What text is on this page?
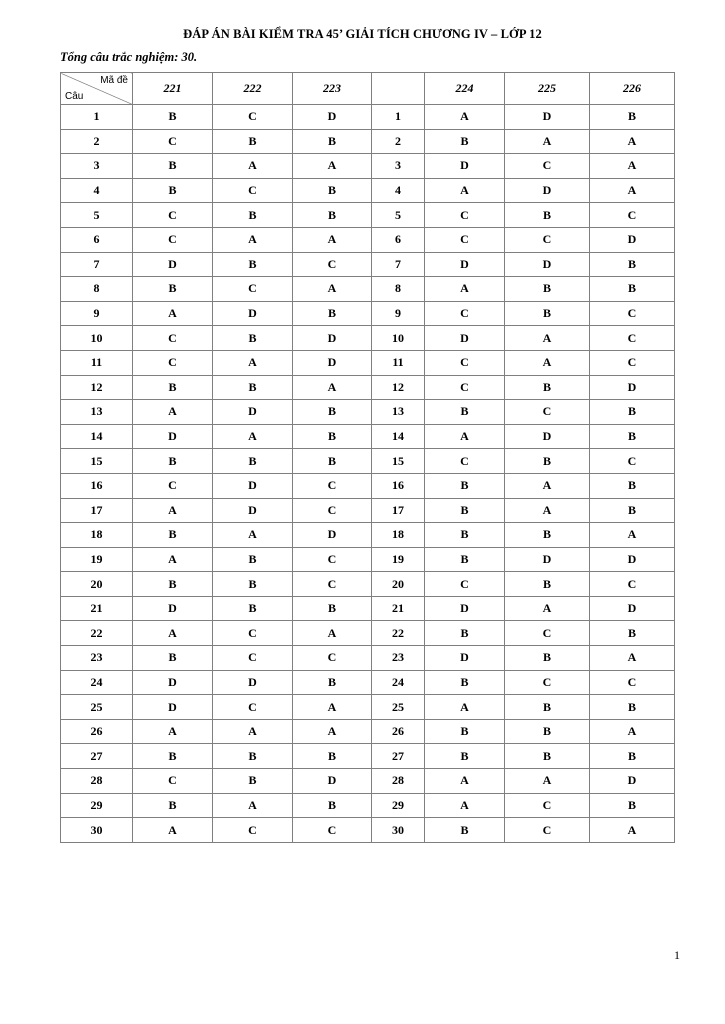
ĐÁP ÁN BÀI KIỂM TRA 45’ GIẢI TÍCH CHƯƠNG IV – LỚP 12
Tổng câu trắc nghiệm: 30.
Mã đề
Câu	221	222	223		224	225	226
1	B	C	D	1	A	D	B
2	C	B	B	2	B	A	A
3	B	A	A	3	D	C	A
4	B	C	B	4	A	D	A
5	C	B	B	5	C	B	C
6	C	A	A	6	C	C	D
7	D	B	C	7	D	D	B
8	B	C	A	8	A	B	B
9	A	D	B	9	C	B	C
10	C	B	D	10	D	A	C
11	C	A	D	11	C	A	C
12	B	B	A	12	C	B	D
13	A	D	B	13	B	C	B
14	D	A	B	14	A	D	B
15	B	B	B	15	C	B	C
16	C	D	C	16	B	A	B
17	A	D	C	17	B	A	B
18	B	A	D	18	B	B	A
19	A	B	C	19	B	D	D
20	B	B	C	20	C	B	C
21	D	B	B	21	D	A	D
22	A	C	A	22	B	C	B
23	B	C	C	23	D	B	A
24	D	D	B	24	B	C	C
25	D	C	A	25	A	B	B
26	A	A	A	26	B	B	A
27	B	B	B	27	B	B	B
28	C	B	D	28	A	A	D
29	B	A	B	29	A	C	B
30	A	C	C	30	B	C	A
1
